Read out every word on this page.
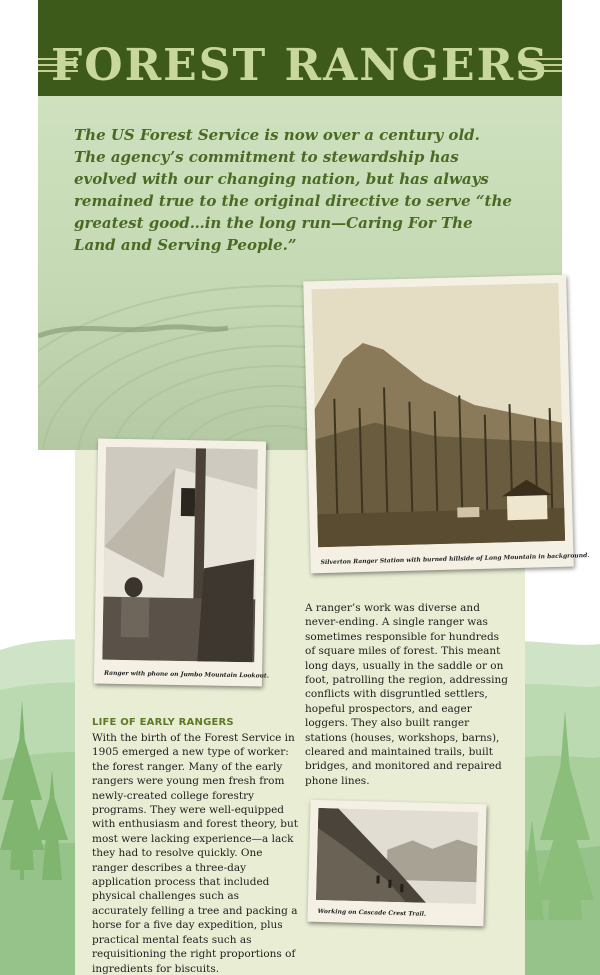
FOREST RANGERS
The US Forest Service is now over a century old. The agency’s commitment to stewardship has evolved with our changing nation, but has always remained true to the original directive to serve “the greatest good…in the long run—Caring For The Land and Serving People.”
Silverton Ranger Station with burned hillside of Long Mountain in background.
Ranger with phone on Jumbo Mountain Lookout.
Working on Cascade Crest Trail.
A ranger’s work was diverse and never-ending. A single ranger was sometimes responsible for hundreds of square miles of forest. This meant long days, usually in the saddle or on foot, patrolling the region, addressing conflicts with disgruntled settlers, hopeful prospectors, and eager loggers. They also built ranger stations (houses, workshops, barns), cleared and maintained trails, built bridges, and monitored and repaired phone lines.
LIFE OF EARLY RANGERS
With the birth of the Forest Service in 1905 emerged a new type of worker: the forest ranger. Many of the early rangers were young men fresh from newly-created college forestry programs. They were well-equipped with enthusiasm and forest theory, but most were lacking experience—a lack they had to resolve quickly. One ranger describes a three-day application process that included physical challenges such as accurately felling a tree and packing a horse for a five day expedition, plus practical mental feats such as requisitioning the right proportions of ingredients for biscuits.
